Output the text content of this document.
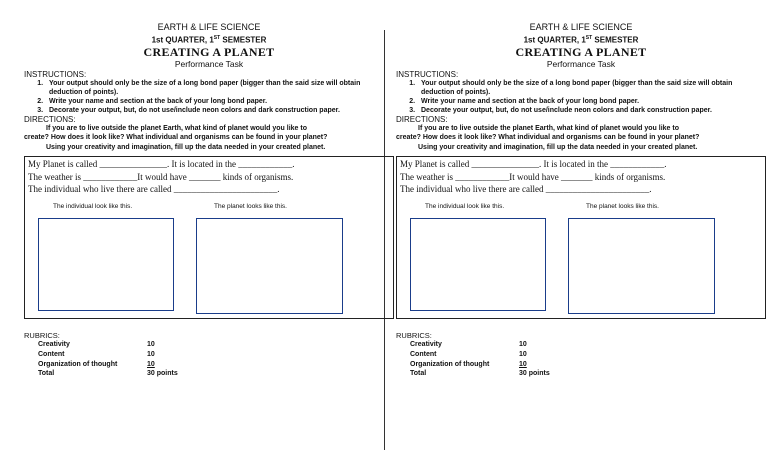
EARTH & LIFE SCIENCE
1st QUARTER, 1ST SEMESTER
CREATING A PLANET
Performance Task
INSTRUCTIONS:
1. Your output should only be the size of a long bond paper (bigger than the said size will obtain deduction of points).
2. Write your name and section at the back of your long bond paper.
3. Decorate your output, but, do not use/include neon colors and dark construction paper.
DIRECTIONS:

If you are to live outside the planet Earth, what kind of planet would you like to

create? How does it look like? What individual and organisms can be found in your planet?

Using your creativity and imagination, fill up the data needed in your created planet.

My Planet is called _______________. It is located in the ____________.
The weather is ____________It would have _______ kinds of organisms.
The individual who live there are called _______________________.
The individual look like this.	The planet looks like this.
RUBRICS:
Creativity	10
Content	10
Organization of thought	10
Total	30 points
EARTH & LIFE SCIENCE
1st QUARTER, 1ST SEMESTER
CREATING A PLANET
Performance Task
INSTRUCTIONS:
1. Your output should only be the size of a long bond paper (bigger than the said size will obtain deduction of points).
2. Write your name and section at the back of your long bond paper.
3. Decorate your output, but, do not use/include neon colors and dark construction paper.
DIRECTIONS:

If you are to live outside the planet Earth, what kind of planet would you like to

create? How does it look like? What individual and organisms can be found in your planet?

Using your creativity and imagination, fill up the data needed in your created planet.

My Planet is called _______________. It is located in the ____________.
The weather is ____________It would have _______ kinds of organisms.
The individual who live there are called _______________________.
The individual look like this.	The planet looks like this.
RUBRICS:
Creativity	10
Content	10
Organization of thought	10
Total	30 points
